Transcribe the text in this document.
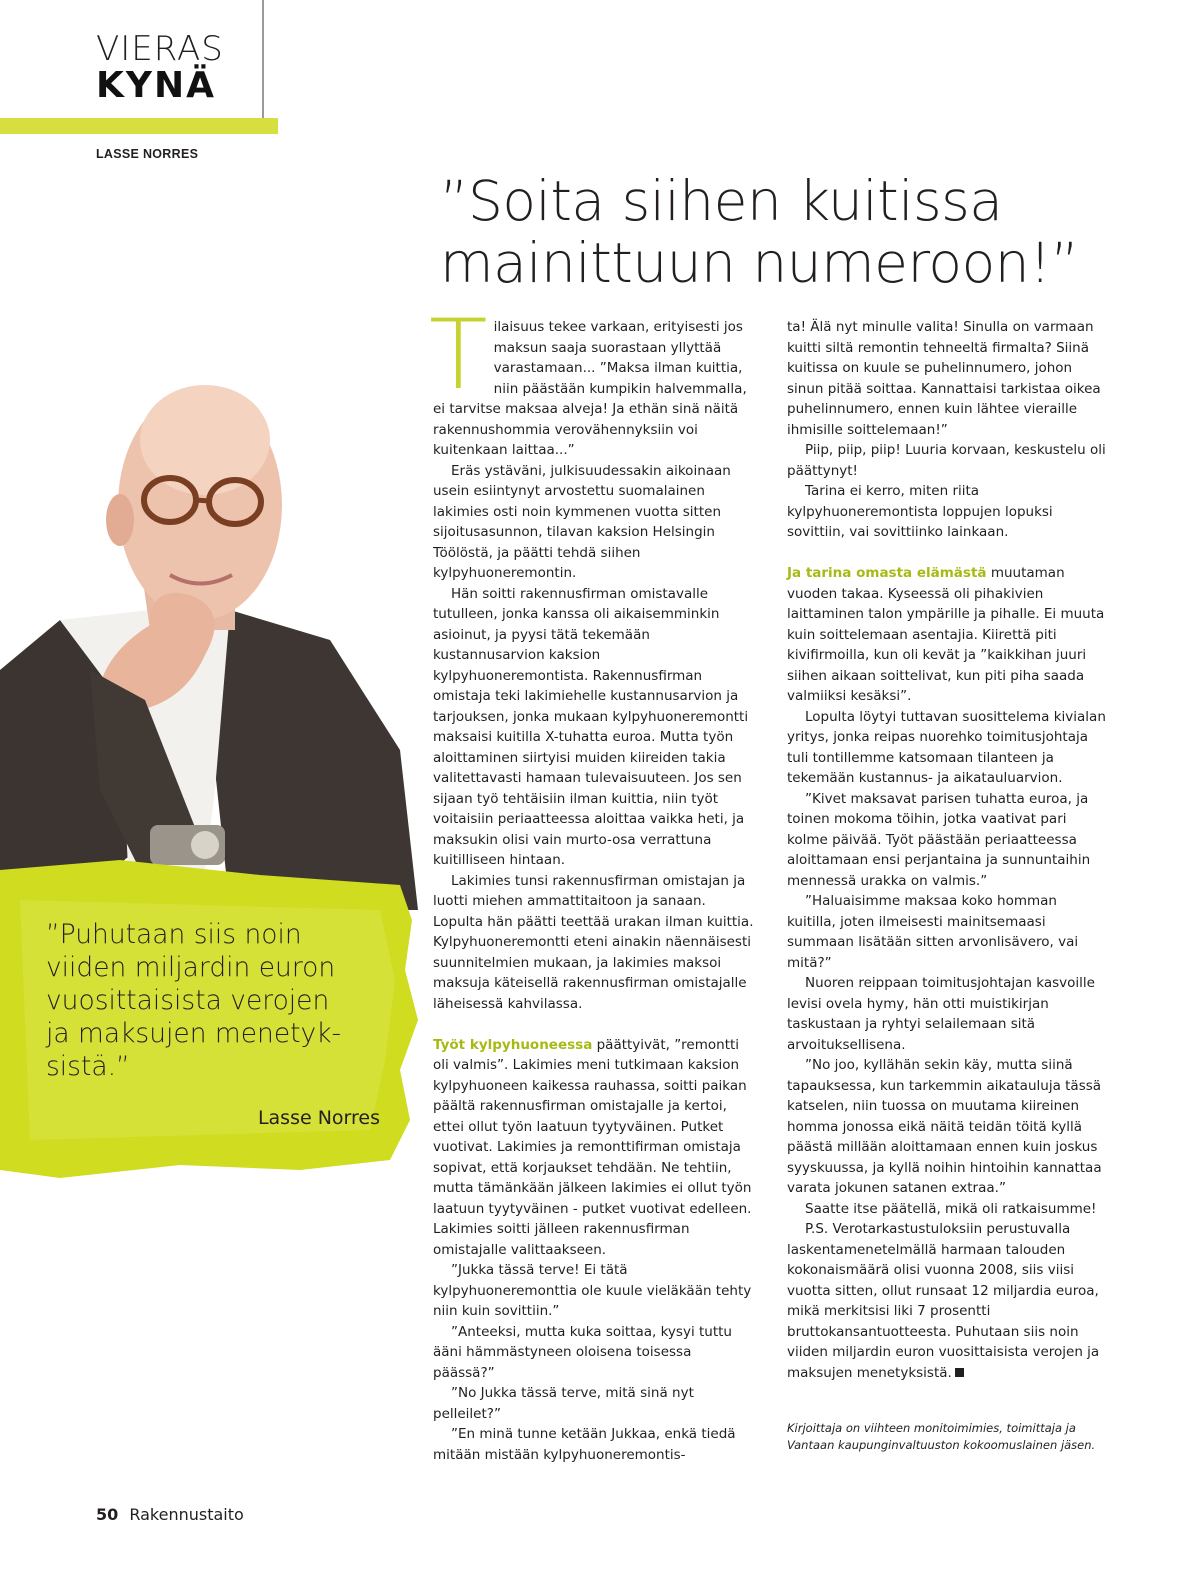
VIERAS
KYNÄ
LASSE NORRES
”Soita siihen kuitissa
mainittuun numeroon!”
”Puhutaan siis noin
viiden miljardin euron
vuosittaisista verojen
ja maksujen menetyk-
sistä.”
Lasse Norres

Tilaisuus tekee varkaan, erityisesti jos maksun saaja suorastaan yllyttää varastamaan... ”Maksa ilman kuittia, niin päästään kumpikin halvemmalla, ei tarvitse maksaa alveja! Ja ethän sinä näitä rakennushommia verovähennyksiin voi kuitenkaan laittaa...”

Eräs ystäväni, julkisuudessakin aikoinaan usein esiintynyt arvostettu suomalainen lakimies osti noin kymmenen vuotta sitten sijoitusasunnon, tilavan kaksion Helsingin Töölöstä, ja päätti tehdä siihen kylpyhuoneremontin.

Hän soitti rakennusfirman omistavalle tutulleen, jonka kanssa oli aikaisemminkin asioinut, ja pyysi tätä tekemään kustannusarvion kaksion kylpyhuoneremontista. Rakennusfirman omistaja teki lakimiehelle kustannusarvion ja tarjouksen, jonka mukaan kylpyhuoneremontti maksaisi kuitilla X-tuhatta euroa. Mutta työn aloittaminen siirtyisi muiden kiireiden takia valitettavasti hamaan tulevaisuuteen. Jos sen sijaan työ tehtäisiin ilman kuittia, niin työt voitaisiin periaatteessa aloittaa vaikka heti, ja maksukin olisi vain murto-osa verrattuna kuitilliseen hintaan.

Lakimies tunsi rakennusfirman omistajan ja luotti miehen ammattitaitoon ja sanaan. Lopulta hän päätti teettää urakan ilman kuittia. Kylpyhuoneremontti eteni ainakin näennäisesti suunnitelmien mukaan, ja lakimies maksoi maksuja käteisellä rakennusfirman omistajalle läheisessä kahvilassa.

Työt kylpyhuoneessa päättyivät, ”remontti oli valmis”. Lakimies meni tutkimaan kaksion kylpyhuoneen kaikessa rauhassa, soitti paikan päältä rakennusfirman omistajalle ja kertoi, ettei ollut työn laatuun tyytyväinen. Putket vuotivat. Lakimies ja remonttifirman omistaja sopivat, että korjaukset tehdään. Ne tehtiin, mutta tämänkään jälkeen lakimies ei ollut työn laatuun tyytyväinen - putket vuotivat edelleen. Lakimies soitti jälleen rakennusfirman omistajalle valittaakseen.

”Jukka tässä terve! Ei tätä kylpyhuoneremonttia ole kuule vieläkään tehty niin kuin sovittiin.”

”Anteeksi, mutta kuka soittaa, kysyi tuttu ääni hämmästyneen oloisena toisessa päässä?”

”No Jukka tässä terve, mitä sinä nyt pelleilet?”

”En minä tunne ketään Jukkaa, enkä tiedä mitään mistään kylpyhuoneremontis-

ta! Älä nyt minulle valita! Sinulla on varmaan kuitti siltä remontin tehneeltä firmalta? Siinä kuitissa on kuule se puhelinnumero, johon sinun pitää soittaa. Kannattaisi tarkistaa oikea puhelinnumero, ennen kuin lähtee vieraille ihmisille soittelemaan!”

Piip, piip, piip! Luuria korvaan, keskustelu oli päättynyt!

Tarina ei kerro, miten riita kylpyhuoneremontista loppujen lopuksi sovittiin, vai sovittiinko lainkaan.

Ja tarina omasta elämästä muutaman vuoden takaa. Kyseessä oli pihakivien laittaminen talon ympärille ja pihalle. Ei muuta kuin soittelemaan asentajia. Kiirettä piti kivifirmoilla, kun oli kevät ja ”kaikkihan juuri siihen aikaan soittelivat, kun piti piha saada valmiiksi kesäksi”.

Lopulta löytyi tuttavan suosittelema kivialan yritys, jonka reipas nuorehko toimitusjohtaja tuli tontillemme katsomaan tilanteen ja tekemään kustannus- ja aikatauluarvion.

”Kivet maksavat parisen tuhatta euroa, ja toinen mokoma töihin, jotka vaativat pari kolme päivää. Työt päästään periaatteessa aloittamaan ensi perjantaina ja sunnuntaihin mennessä urakka on valmis.”

”Haluaisimme maksaa koko homman kuitilla, joten ilmeisesti mainitsemaasi summaan lisätään sitten arvonlisävero, vai mitä?”

Nuoren reippaan toimitusjohtajan kasvoille levisi ovela hymy, hän otti muistikirjan taskustaan ja ryhtyi selailemaan sitä arvoituksellisena.

”No joo, kyllähän sekin käy, mutta siinä tapauksessa, kun tarkemmin aikatauluja tässä katselen, niin tuossa on muutama kiireinen homma jonossa eikä näitä teidän töitä kyllä päästä millään aloittamaan ennen kuin joskus syyskuussa, ja kyllä noihin hintoihin kannattaa varata jokunen satanen extraa.”

Saatte itse päätellä, mikä oli ratkaisumme!

P.S. Verotarkastustuloksiin perustuvalla laskentamenetelmällä harmaan talouden kokonaismäärä olisi vuonna 2008, siis viisi vuotta sitten, ollut runsaat 12 miljardia euroa, mikä merkitsisi liki 7 prosentti bruttokansantuotteesta. Puhutaan siis noin viiden miljardin euron vuosittaisista verojen ja maksujen menetyksistä.

Kirjoittaja on viihteen monitoimimies, toimittaja ja Vantaan kaupunginvaltuuston kokoomuslainen jäsen.
50 Rakennustaito
